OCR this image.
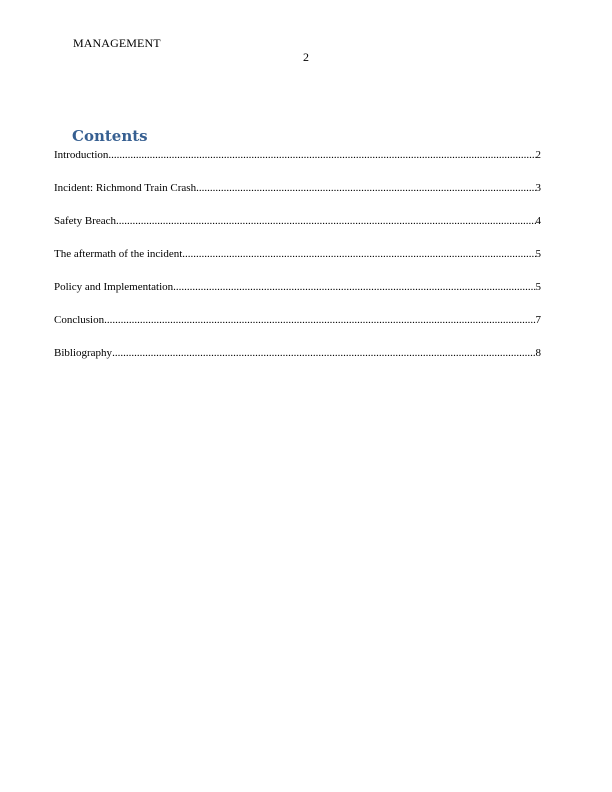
MANAGEMENT
2
Contents
Introduction .....	2
Incident: Richmond Train Crash .....	3
Safety Breach .....	4
The aftermath of the incident .....	5
Policy and Implementation .....	5
Conclusion .....	7
Bibliography .....	8
